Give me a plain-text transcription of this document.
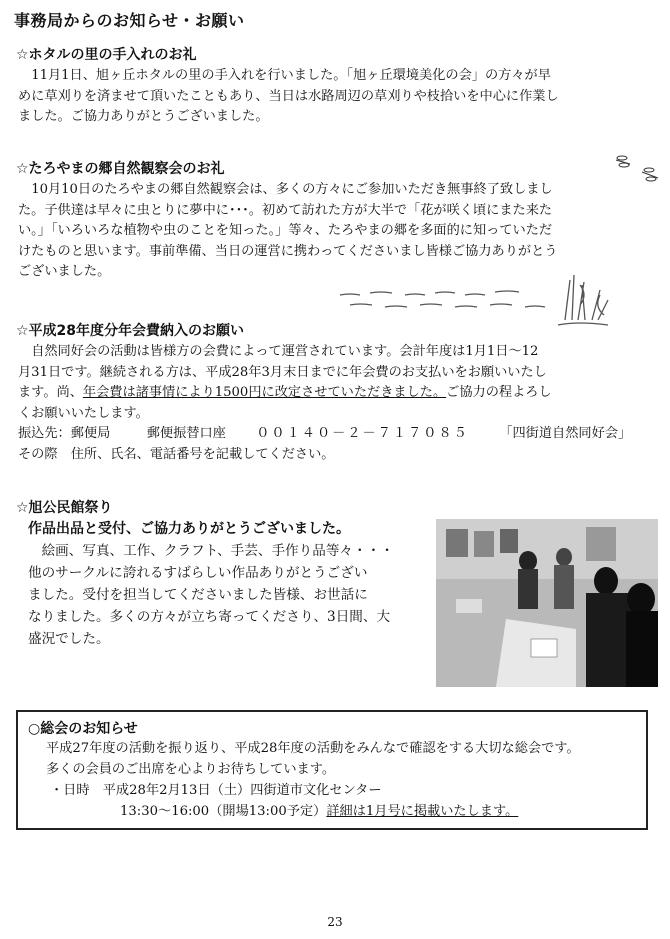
事務局からのお知らせ・お願い
☆ホタルの里の手入れのお礼

11月1日、旭ヶ丘ホタルの里の手入れを行いました。「旭ヶ丘環境美化の会」の方々が早

めに草刈りを済ませて頂いたこともあり、当日は水路周辺の草刈りや枝拾いを中心に作業し

ました。ご協力ありがとうございました。

☆たろやまの郷自然観察会のお礼

10月10日のたろやまの郷自然観察会は、多くの方々にご参加いただき無事終了致しまし

た。子供達は早々に虫とりに夢中に･･･。初めて訪れた方が大半で「花が咲く頃にまた来た

い。」「いろいろな植物や虫のことを知った。」等々、たろやまの郷を多面的に知っていただ

けたものと思います。事前準備、当日の運営に携わってくださいまし皆様ご協力ありがとう

ございました。

☆平成28年度分年会費納入のお願い

自然同好会の活動は皆様方の会費によって運営されています。会計年度は1月1日～12

月31日です。継続される方は、平成28年3月末日までに年会費のお支払いをお願いいたし

ます。尚、年会費は諸事情により1500円に改定させていただきました。ご協力の程よろし

くお願いいたします。

振込先：郵便局	郵便振替口座 ００１４０－２－７１７０８５ 「四街道自然同好会」

その際　住所、氏名、電話番号を記載してください。

☆旭公民館祭り
作品出品と受付、ご協力ありがとうございました。

絵画、写真、工作、クラフト、手芸、手作り品等々・・・

他のサークルに誇れるすばらしい作品ありがとうござい

ました。受付を担当してくださいました皆様、お世話に

なりました。多くの方々が立ち寄ってくださり、3日間、大

盛況でした。

○総会のお知らせ
平成27年度の活動を振り返り、平成28年度の活動をみんなで確認をする大切な総会です。
多くの会員のご出席を心よりお待ちしています。
・日時　平成28年2月13日（土）四街道市文化センター
13:30～16:00（開場13:00予定）詳細は1月号に掲載いたします。
23
